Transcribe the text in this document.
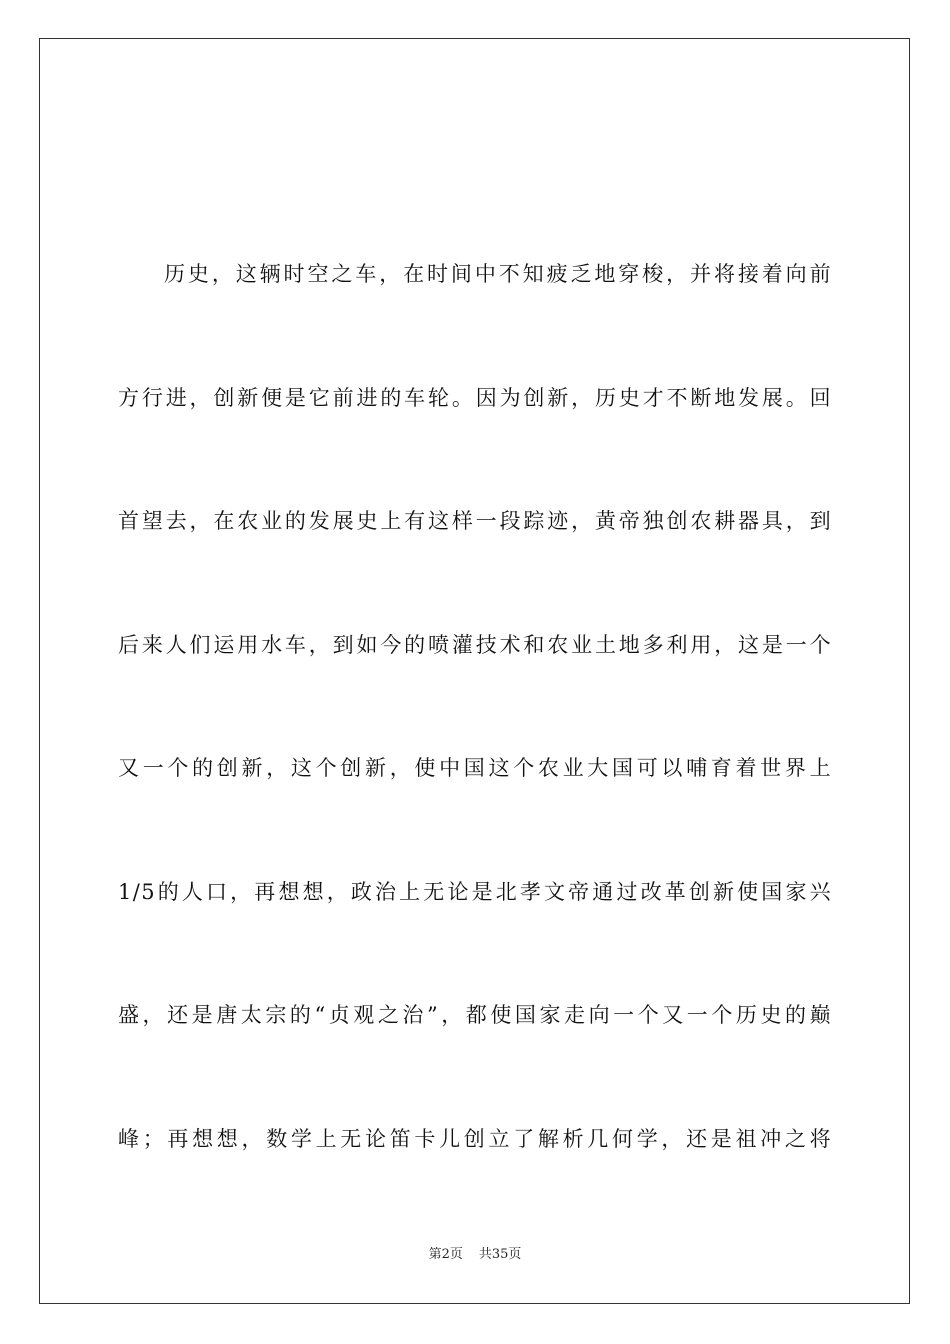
历史，这辆时空之车，在时间中不知疲乏地穿梭，并将接着向前
方行进，创新便是它前进的车轮。因为创新，历史才不断地发展。回
首望去，在农业的发展史上有这样一段踪迹，黄帝独创农耕器具，到
后来人们运用水车，到如今的喷灌技术和农业土地多利用，这是一个
又一个的创新，这个创新，使中国这个农业大国可以哺育着世界上
1/5的人口，再想想，政治上无论是北孝文帝通过改革创新使国家兴
盛，还是唐太宗的“贞观之治”，都使国家走向一个又一个历史的巅
峰；再想想，数学上无论笛卡儿创立了解析几何学，还是祖冲之将
第2页 共35页
